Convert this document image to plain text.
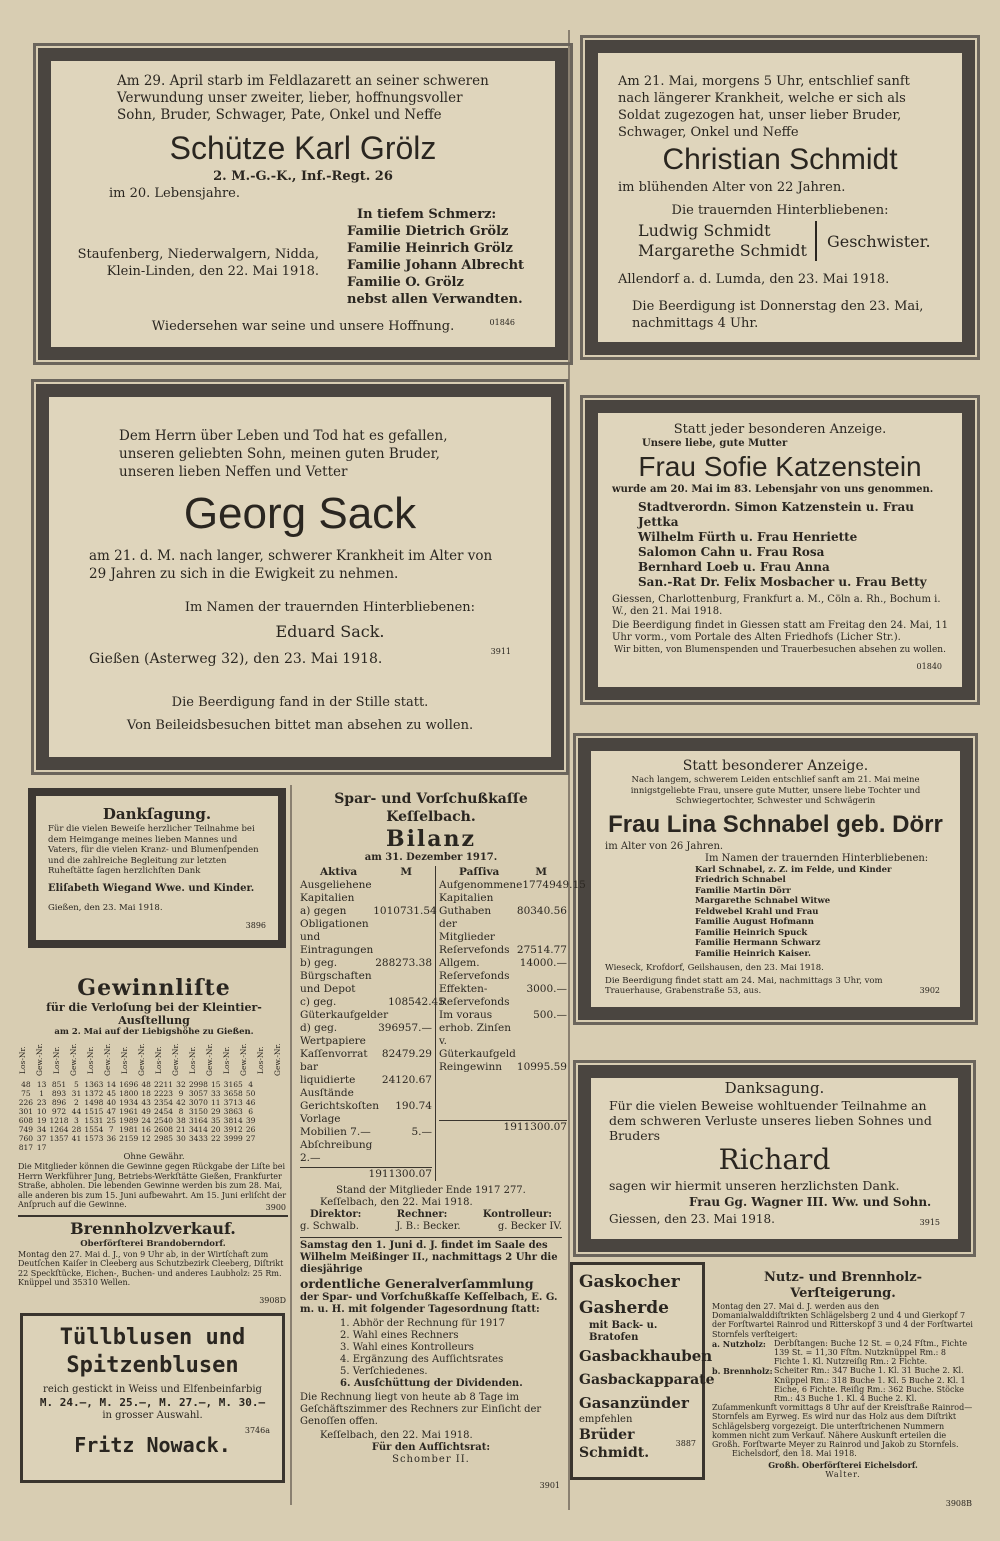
Am 29. April starb im Feldlazarett an seiner schweren Verwundung unser zweiter, lieber, hoffnungsvoller Sohn, Bruder, Schwager, Pate, Onkel und Neffe
Schütze Karl Grölz
2. M.-G.-K., Inf.-Regt. 26
im 20. Lebensjahre.
Staufenberg, Niederwalgern, Nidda,
Klein-Linden, den 22. Mai 1918.
In tiefem Schmerz:
Familie Dietrich Grölz
Familie Heinrich Grölz
Familie Johann Albrecht
Familie O. Grölz
nebst allen Verwandten.
Wiedersehen war seine und unsere Hoffnung.	01846
Am 21. Mai, morgens 5 Uhr, entschlief sanft nach längerer Krankheit, welche er sich als Soldat zugezogen hat, unser lieber Bruder, Schwager, Onkel und Neffe
Christian Schmidt
im blühenden Alter von 22 Jahren.
Die trauernden Hinterbliebenen:
Ludwig Schmidt
Margarethe Schmidt	Geschwister.
Allendorf a. d. Lumda, den 23. Mai 1918.
Die Beerdigung ist Donnerstag den 23. Mai, nachmittags 4 Uhr.
Dem Herrn über Leben und Tod hat es gefallen, unseren geliebten Sohn, meinen guten Bruder, unseren lieben Neffen und Vetter
Georg Sack
am 21. d. M. nach langer, schwerer Krankheit im Alter von 29 Jahren zu sich in die Ewigkeit zu nehmen.
Im Namen der trauernden Hinterbliebenen:
Eduard Sack.
Gießen (Asterweg 32), den 23. Mai 1918.	3911
Die Beerdigung fand in der Stille statt.
Von Beileidsbesuchen bittet man absehen zu wollen.
Statt jeder besonderen Anzeige.
Unsere liebe, gute Mutter
Frau Sofie Katzenstein
wurde am 20. Mai im 83. Lebensjahr von uns genommen.
Stadtverordn. Simon Katzenstein u. Frau Jettka
Wilhelm Fürth u. Frau Henriette
Salomon Cahn u. Frau Rosa
Bernhard Loeb u. Frau Anna
San.-Rat Dr. Felix Mosbacher u. Frau Betty
Giessen, Charlottenburg, Frankfurt a. M., Cöln a. Rh., Bochum i. W., den 21. Mai 1918.
Die Beerdigung findet in Giessen statt am Freitag den 24. Mai, 11 Uhr vorm., vom Portale des Alten Friedhofs (Licher Str.).
Wir bitten, von Blumenspenden und Trauerbesuchen absehen zu wollen.
01840
Statt besonderer Anzeige.
Nach langem, schwerem Leiden entschlief sanft am 21. Mai meine innigstgeliebte Frau, unsere gute Mutter, unsere liebe Tochter und Schwiegertochter, Schwester und Schwägerin
Frau Lina Schnabel geb. Dörr
im Alter von 26 Jahren.
Im Namen der trauernden Hinterbliebenen:
Karl Schnabel, z. Z. im Felde, und Kinder
Friedrich Schnabel
Familie Martin Dörr
Margarethe Schnabel Witwe
Feldwebel Krahl und Frau
Familie August Hofmann
Familie Heinrich Spuck
Familie Hermann Schwarz
Familie Heinrich Kaiser.
Wieseck, Krofdorf, Geilshausen, den 23. Mai 1918.
Die Beerdigung findet statt am 24. Mai, nachmittags 3 Uhr, vom Trauerhause, Grabenstraße 53, aus.	3902
Dankſagung.
Für die vielen Beweiſe herzlicher Teilnahme bei dem Heimgange meines lieben Mannes und Vaters, für die vielen Kranz- und Blumenſpenden und die zahlreiche Begleitung zur letzten Ruheſtätte ſagen herzlichſten Dank
Eliſabeth Wiegand Wwe. und Kinder.
Gießen, den 23. Mai 1918.
3896
Gewinnliſte
für die Verloſung bei der Kleintier-Ausſtellung
am 2. Mai auf der Liebigshöhe zu Gießen.
Los-Nr.	Gew.-Nr.	Los-Nr.	Gew.-Nr.	Los-Nr.	Gew.-Nr.	Los-Nr.	Gew.-Nr.	Los-Nr.	Gew.-Nr.	Los-Nr.	Gew.-Nr.	Los-Nr.	Gew.-Nr.	Los-Nr.	Gew.-Nr.
48 13 851	5 1363 14 1696 48 2211 32 2998 15 3165 4
75	1	893 31 1372 45 1800 18 2223 9 3057 33 3658 50
226 23 896	2 1498 40 1934 43 2354 42 3070 11 3713 46
301 10 972 44 1515 47 1961 49 2454 8 3150 29 3863 6
608 19 1218 3 1531 25 1989 24 2540 38 3164 35 3814 39
749 34 1264 28 1554 7 1981 16 2608 21 3414 20 3912 26
760 37 1357 41 1573 36 2159 12 2985 30 3433 22 3999 27
817 17
Ohne Gewähr.
Die Mitglieder können die Gewinne gegen Rückgabe der Liſte bei Herrn Werkführer Jung, Betriebs-Werkſtätte Gießen, Frankfurter Straße, abholen. Die lebenden Gewinne werden bis zum 28. Mai, alle anderen bis zum 15. Juni aufbewahrt. Am 15. Juni erliſcht der Anſpruch auf die Gewinne.	3900
Brennholzverkauf.
Oberförſterei Brandoberndorf.
Montag den 27. Mai d. J., von 9 Uhr ab, in der Wirtſchaft zum Deutſchen Kaiſer in Cleeberg aus Schutzbezirk Cleeberg, Diſtrikt 22 Speckſtücke, Eichen-, Buchen- und anderes Laubholz: 25 Rm. Knüppel und 35310 Wellen.
3908D
Tüllblusen und
Spitzenblusen
reich gestickt in Weiss und Elfenbeinfarbig
M. 24.—, M. 25.—, M. 27.—, M. 30.—
in grosser Auswahl.
3746a
Fritz Nowack.
Spar- und Vorſchußkaſſe Keſſelbach.
Bilanz
am 31. Dezember 1917.
Aktiva	M
Ausgeliehene Kapitalien
a) gegen Obligationen und Eintragungen
1010731.54
b) geg. Bürgschaften und Depot
288273.38
c) geg. Güterkaufgelder
108542.45
d) geg. Wertpapiere
396957.—
Kaſſenvorrat bar
82479.29
liquidierte Ausſtände
24120.67
Gerichtskoſten Vorlage
190.74
Mobilien 7.— Abſchreibung 2.—
5.—
1911300.07
Paſſiva	M
Aufgenommene Kapitalien
1774949.15
Guthaben der Mitglieder
80340.56
Reſervefonds 27514.77
Allgem. Reſervefonds
14000.—
Effekten-Reſervefonds
3000.—
Im voraus erhob. Zinſen v. Güterkaufgeld
500.—
Reingewinn	10995.59
1911300.07
Stand der Mitglieder Ende 1917 277.
Keſſelbach, den 22. Mai 1918.
Direktor:	Rechner:	Kontrolleur:
g. Schwalb.	J. B.: Becker.	g. Becker IV.
Samstag den 1. Juni d. J. findet im Saale des Wilhelm Meißinger II., nachmittags 2 Uhr die diesjährige
ordentliche Generalverſammlung
der Spar- und Vorſchußkaſſe Keſſelbach, E. G. m. u. H. mit folgender Tagesordnung ſtatt:
1. Abhör der Rechnung für 1917
2. Wahl eines Rechners
3. Wahl eines Kontrolleurs
4. Ergänzung des Aufſichtsrates
5. Verſchiedenes.
6. Ausſchüttung der Dividenden.
Die Rechnung liegt von heute ab 8 Tage im Geſchäftszimmer des Rechners zur Einſicht der Genoſſen offen.
Keſſelbach, den 22. Mai 1918.
Für den Aufſichtsrat:
Schomber II.
3901
Danksagung.
Für die vielen Beweise wohltuender Teilnahme an dem schweren Verluste unseres lieben Sohnes und Bruders
Richard
sagen wir hiermit unseren herzlichsten Dank.
Frau Gg. Wagner III. Ww. und Sohn.
Giessen, den 23. Mai 1918.	3915
Gaskocher
Gasherde
mit Back- u. Bratofen
Gasbackhauben
Gasbackapparate
Gasanzünder
empfehlen
3887
Brüder Schmidt.
Nutz- und Brennholz-Verſteigerung.
Montag den 27. Mai d. J. werden aus den Domanialwalddiſtrikten Schlägelsberg 2 und 4 und Gierkopf 7 der Forſtwartei Rainrod und Ritterskopf 3 und 4 der Forſtwartei Stornfels verſteigert:
a. Nutzholz:	Derbſtangen: Buche 12 St. = 0,24 Fſtm., Fichte 139 St. = 11,30 Fſtm. Nutzknüppel Rm.: 8 Fichte 1. Kl. Nutzreiſig Rm.: 2 Fichte.
b. Brennholz: Scheiter Rm.: 347 Buche 1. Kl. 31 Buche 2. Kl. Knüppel Rm.: 318 Buche 1. Kl. 5 Buche 2. Kl. 1 Eiche, 6 Fichte. Reiſig Rm.: 362 Buche. Stöcke Rm.: 43 Buche 1. Kl. 4 Buche 2. Kl.
Zuſammenkunft vormittags 8 Uhr auf der Kreisſtraße Rainrod—Stornfels am Eyrweg. Es wird nur das Holz aus dem Diſtrikt Schlägelsberg vorgezeigt. Die unterſtrichenen Nummern kommen nicht zum Verkauf. Nähere Auskunft erteilen die Großh. Forſtwarte Meyer zu Rainrod und Jakob zu Stornfels.
Eichelsdorf, den 18. Mai 1918.
Großh. Oberförſterei Eichelsdorf.
Walter.
3908B
